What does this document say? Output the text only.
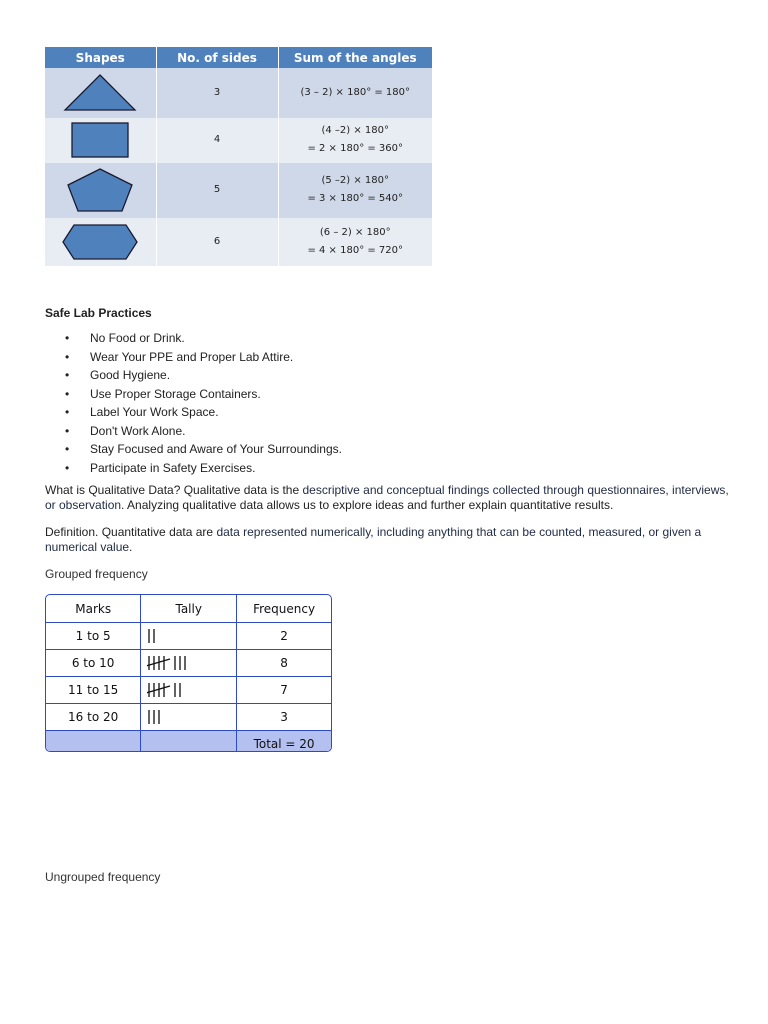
Shapes	No. of sides	Sum of the angles

	3	(3 – 2) × 180° = 180°

	4	(4 –2) × 180°
= 2 × 180° = 360°

	5	(5 –2) × 180°
= 3 × 180° = 540°

	6	(6 – 2) × 180°
= 4 × 180° = 720°
Safe Lab Practices
• No Food or Drink.
• Wear Your PPE and Proper Lab Attire.
• Good Hygiene.
• Use Proper Storage Containers.
• Label Your Work Space.
• Don't Work Alone.
• Stay Focused and Aware of Your Surroundings.
• Participate in Safety Exercises.

What is Qualitative Data? Qualitative data is the descriptive and conceptual findings collected through questionnaires, interviews, or observation. Analyzing qualitative data allows us to explore ideas and further explain quantitative results.

Definition. Quantitative data are data represented numerically, including anything that can be counted, measured, or given a numerical value.

Grouped frequency
Marks	Tally	Frequency
1 to 5		2
6 to 10		8
11 to 15		7
16 to 20		3
		Total = 20
Ungrouped frequency
